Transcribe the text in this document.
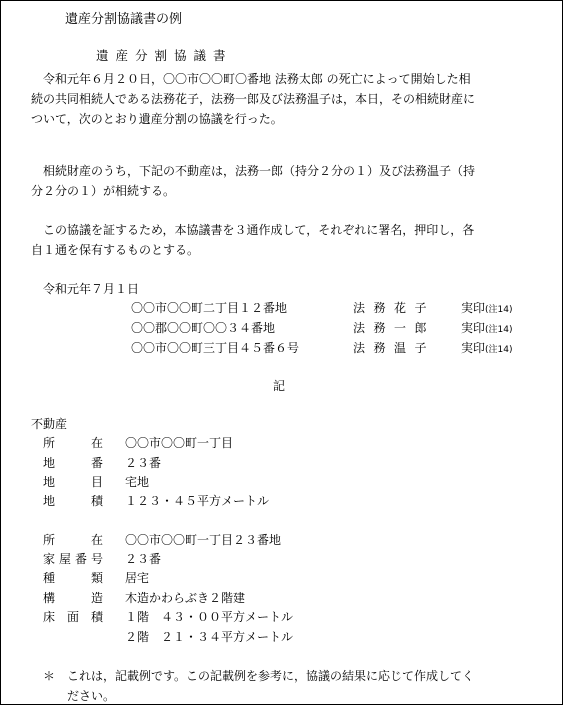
遺産分割協議書の例
遺産分割協議書
令和元年６月２０日，〇〇市〇〇町〇番地 法務太郎 の死亡によって開始した相
続の共同相続人である法務花子，法務一郎及び法務温子は，本日，その相続財産に
ついて，次のとおり遺産分割の協議を行った。
相続財産のうち，下記の不動産は，法務一郎（持分２分の１）及び法務温子（持
分２分の１）が相続する。
この協議を証するため，本協議書を３通作成して，それぞれに署名，押印し，各
自１通を保有するものとする。
令和元年７月１日
〇〇市〇〇町二丁目１２番地	法務花子 実印(注14)
〇〇郡〇〇町〇〇３４番地	法務一郎 実印(注14)
〇〇市〇〇町三丁目４５番６号	法務温子 実印(注14)
記
不動産
所在 〇〇市〇〇町一丁目
地番 ２３番
地目 宅地
地積 １２３・４５平方メートル
所在 〇〇市〇〇町一丁目２３番地
家屋番号 ２３番
種類 居宅
構造 木造かわらぶき２階建
床面積 １階　４３・００平方メートル
２階　２１・３４平方メートル
＊　これは，記載例です。この記載例を参考に，協議の結果に応じて作成してく
　　ださい。
